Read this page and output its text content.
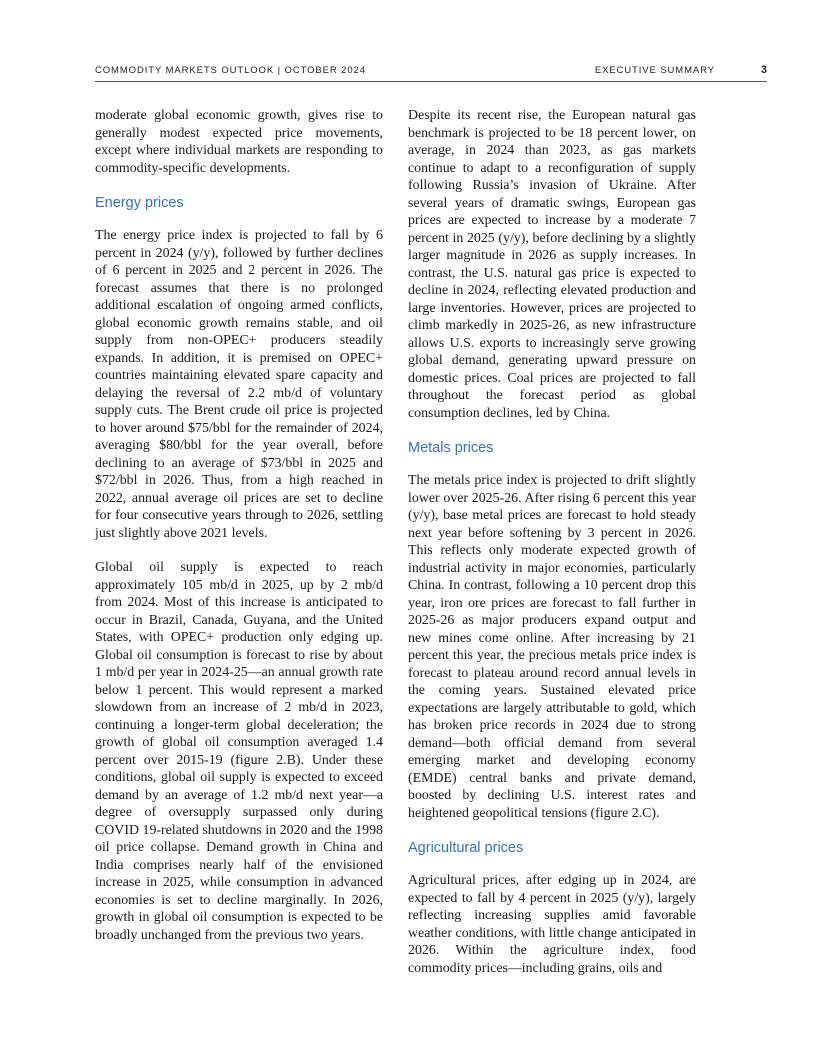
COMMODITY MARKETS OUTLOOK | OCTOBER 2024	EXECUTIVE SUMMARY	3

moderate global economic growth, gives rise to generally modest expected price movements, except where individual markets are responding to commodity-specific developments.

Energy prices

The energy price index is projected to fall by 6 percent in 2024 (y/y), followed by further declines of 6 percent in 2025 and 2 percent in 2026. The forecast assumes that there is no prolonged additional escalation of ongoing armed conflicts, global economic growth remains stable, and oil supply from non-OPEC+ producers steadily expands. In addition, it is premised on OPEC+ countries maintaining elevated spare capacity and delaying the reversal of 2.2 mb/d of voluntary supply cuts. The Brent crude oil price is projected to hover around $75/bbl for the remainder of 2024, averaging $80/bbl for the year overall, before declining to an average of $73/bbl in 2025 and $72/bbl in 2026. Thus, from a high reached in 2022, annual average oil prices are set to decline for four consecutive years through to 2026, settling just slightly above 2021 levels.

Global oil supply is expected to reach approximately 105 mb/d in 2025, up by 2 mb/d from 2024. Most of this increase is anticipated to occur in Brazil, Canada, Guyana, and the United States, with OPEC+ production only edging up. Global oil consumption is forecast to rise by about 1 mb/d per year in 2024-25—an annual growth rate below 1 percent. This would represent a marked slowdown from an increase of 2 mb/d in 2023, continuing a longer-term global deceleration; the growth of global oil consumption averaged 1.4 percent over 2015-19 (figure 2.B). Under these conditions, global oil supply is expected to exceed demand by an average of 1.2 mb/d next year—a degree of oversupply surpassed only during COVID 19-related shutdowns in 2020 and the 1998 oil price collapse. Demand growth in China and India comprises nearly half of the envisioned increase in 2025, while consumption in advanced economies is set to decline marginally. In 2026, growth in global oil consumption is expected to be broadly unchanged from the previous two years.

Despite its recent rise, the European natural gas benchmark is projected to be 18 percent lower, on average, in 2024 than 2023, as gas markets continue to adapt to a reconfiguration of supply following Russia’s invasion of Ukraine. After several years of dramatic swings, European gas prices are expected to increase by a moderate 7 percent in 2025 (y/y), before declining by a slightly larger magnitude in 2026 as supply increases. In contrast, the U.S. natural gas price is expected to decline in 2024, reflecting elevated production and large inventories. However, prices are projected to climb markedly in 2025-26, as new infrastructure allows U.S. exports to increasingly serve growing global demand, generating upward pressure on domestic prices. Coal prices are projected to fall throughout the forecast period as global consumption declines, led by China.

Metals prices

The metals price index is projected to drift slightly lower over 2025-26. After rising 6 percent this year (y/y), base metal prices are forecast to hold steady next year before softening by 3 percent in 2026. This reflects only moderate expected growth of industrial activity in major economies, particularly China. In contrast, following a 10 percent drop this year, iron ore prices are forecast to fall further in 2025-26 as major producers expand output and new mines come online. After increasing by 21 percent this year, the precious metals price index is forecast to plateau around record annual levels in the coming years. Sustained elevated price expectations are largely attributable to gold, which has broken price records in 2024 due to strong demand—both official demand from several emerging market and developing economy (EMDE) central banks and private demand, boosted by declining U.S. interest rates and heightened geopolitical tensions (figure 2.C).

Agricultural prices

Agricultural prices, after edging up in 2024, are expected to fall by 4 percent in 2025 (y/y), largely reflecting increasing supplies amid favorable weather conditions, with little change anticipated in 2026. Within the agriculture index, food commodity prices—including grains, oils and
